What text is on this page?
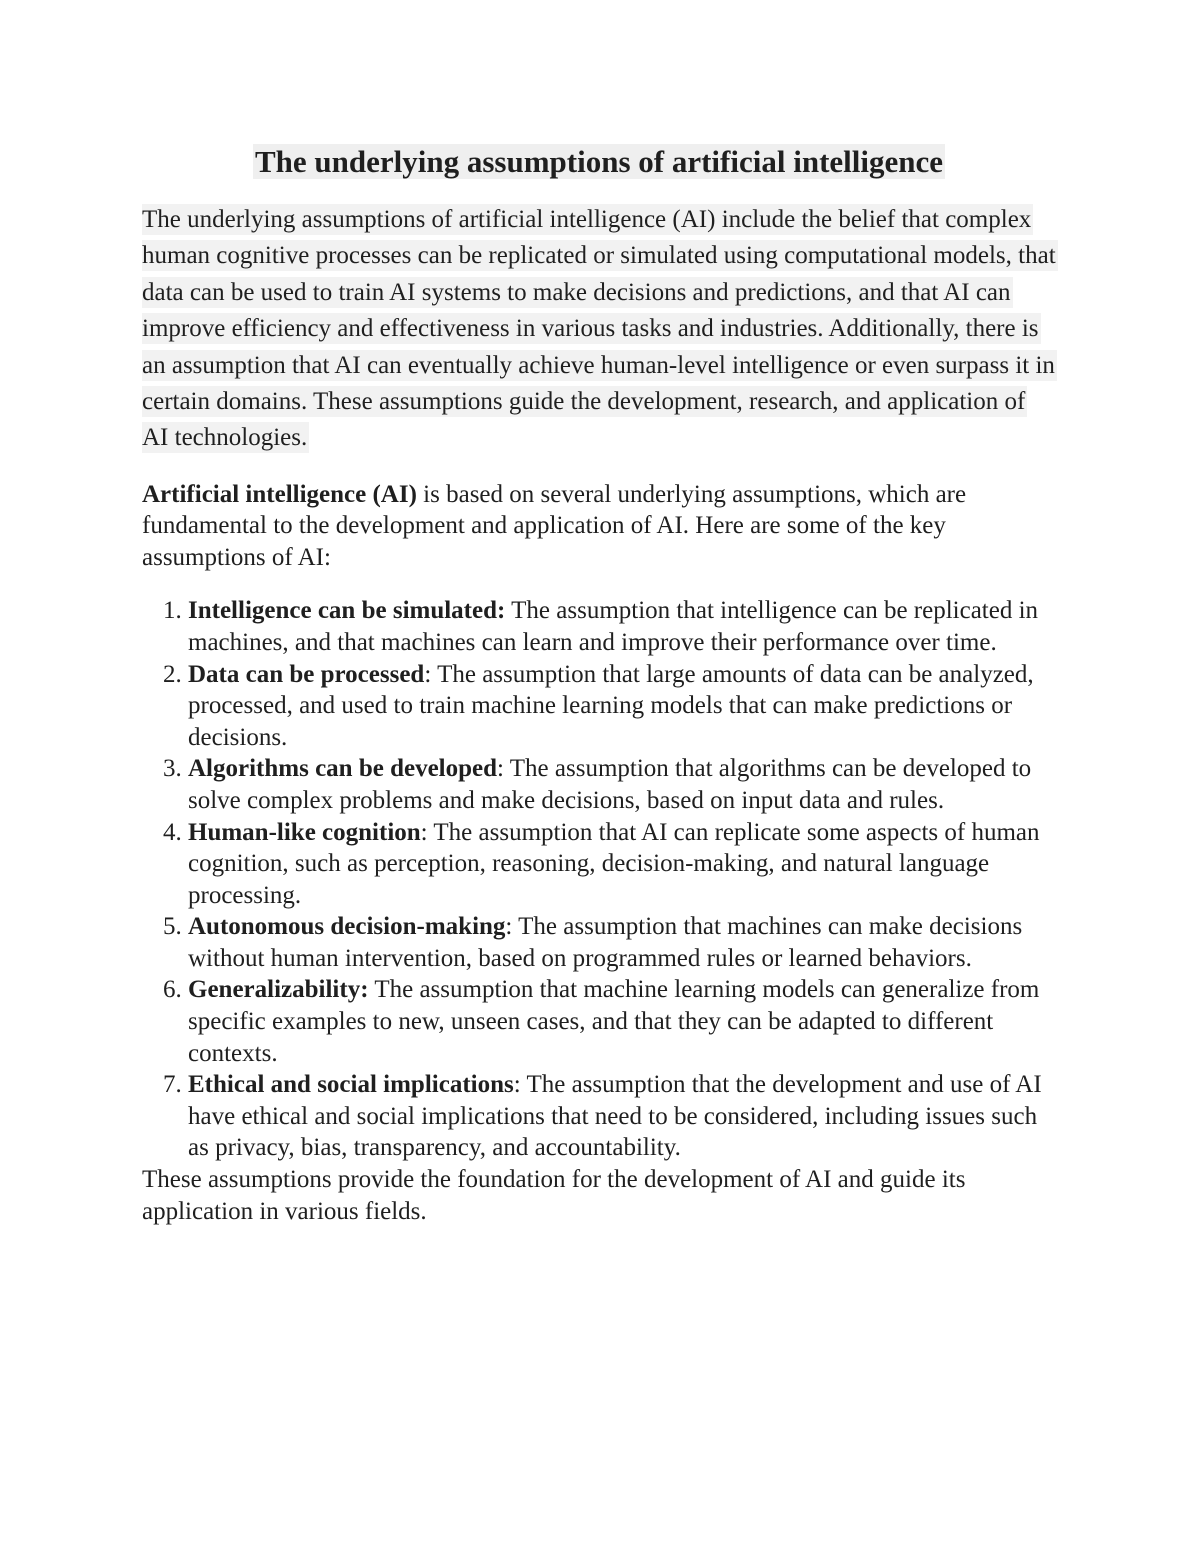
The underlying assumptions of artificial intelligence

The underlying assumptions of artificial intelligence (AI) include the belief that complex human cognitive processes can be replicated or simulated using computational models, that data can be used to train AI systems to make decisions and predictions, and that AI can improve efficiency and effectiveness in various tasks and industries. Additionally, there is an assumption that AI can eventually achieve human-level intelligence or even surpass it in certain domains. These assumptions guide the development, research, and application of AI technologies.

Artificial intelligence (AI) is based on several underlying assumptions, which are fundamental to the development and application of AI. Here are some of the key assumptions of AI:

1. Intelligence can be simulated: The assumption that intelligence can be replicated in machines, and that machines can learn and improve their performance over time.
2. Data can be processed: The assumption that large amounts of data can be analyzed, processed, and used to train machine learning models that can make predictions or decisions.
3. Algorithms can be developed: The assumption that algorithms can be developed to solve complex problems and make decisions, based on input data and rules.
4. Human-like cognition: The assumption that AI can replicate some aspects of human cognition, such as perception, reasoning, decision-making, and natural language processing.
5. Autonomous decision-making: The assumption that machines can make decisions without human intervention, based on programmed rules or learned behaviors.
6. Generalizability: The assumption that machine learning models can generalize from specific examples to new, unseen cases, and that they can be adapted to different contexts.
7. Ethical and social implications: The assumption that the development and use of AI have ethical and social implications that need to be considered, including issues such as privacy, bias, transparency, and accountability.

These assumptions provide the foundation for the development of AI and guide its application in various fields.
